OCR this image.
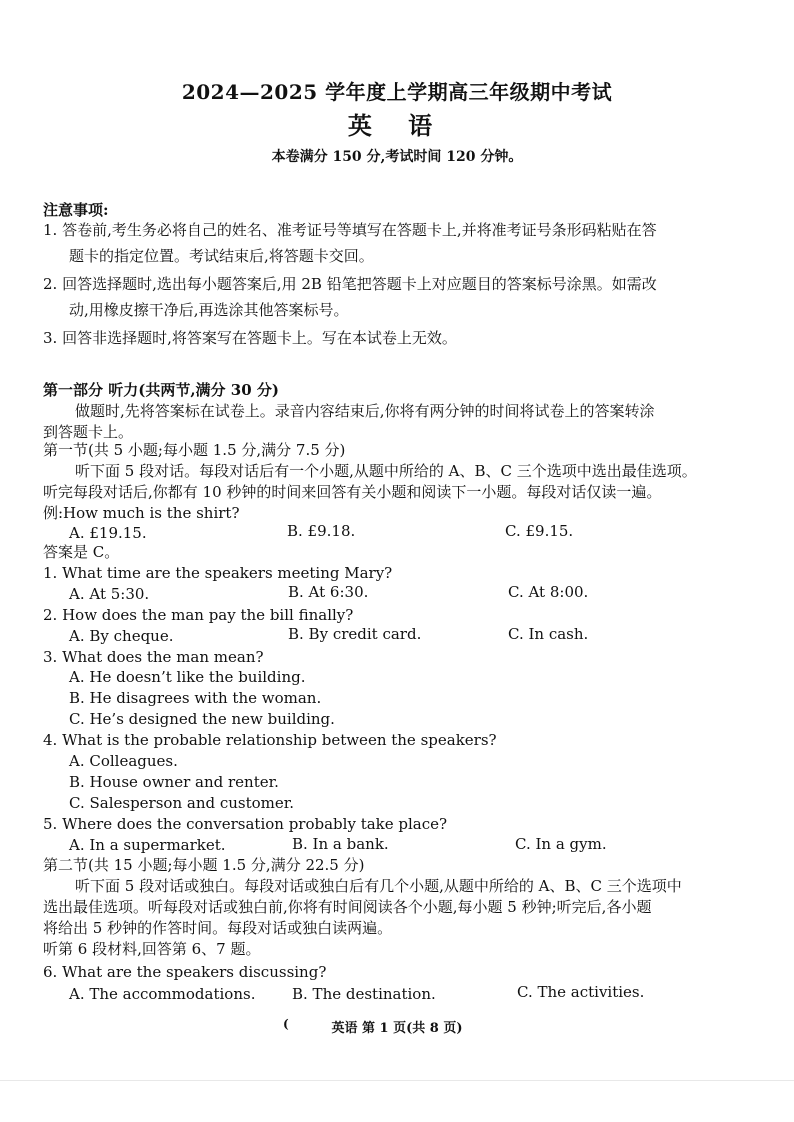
2024—2025 学年度上学期高三年级期中考试
英 语
本卷满分 150 分,考试时间 120 分钟。
注意事项:
1. 答卷前,考生务必将自己的姓名、准考证号等填写在答题卡上,并将准考证号条形码粘贴在答
题卡的指定位置。考试结束后,将答题卡交回。
2. 回答选择题时,选出每小题答案后,用 2B 铅笔把答题卡上对应题目的答案标号涂黑。如需改
动,用橡皮擦干净后,再选涂其他答案标号。
3. 回答非选择题时,将答案写在答题卡上。写在本试卷上无效。
第一部分 听力(共两节,满分 30 分)
做题时,先将答案标在试卷上。录音内容结束后,你将有两分钟的时间将试卷上的答案转涂
到答题卡上。
第一节(共 5 小题;每小题 1.5 分,满分 7.5 分)
听下面 5 段对话。每段对话后有一个小题,从题中所给的 A、B、C 三个选项中选出最佳选项。
听完每段对话后,你都有 10 秒钟的时间来回答有关小题和阅读下一小题。每段对话仅读一遍。
例:How much is the shirt?
A. £19.15.	B. £9.18.	C. £9.15.
答案是 C。
1. What time are the speakers meeting Mary?
A. At 5:30.	B. At 6:30.	C. At 8:00.
2. How does the man pay the bill finally?
A. By cheque.	B. By credit card.	C. In cash.
3. What does the man mean?
A. He doesn’t like the building.
B. He disagrees with the woman.
C. He’s designed the new building.
4. What is the probable relationship between the speakers?
A. Colleagues.
B. House owner and renter.
C. Salesperson and customer.
5. Where does the conversation probably take place?
A. In a supermarket.	B. In a bank.	C. In a gym.
第二节(共 15 小题;每小题 1.5 分,满分 22.5 分)
听下面 5 段对话或独白。每段对话或独白后有几个小题,从题中所给的 A、B、C 三个选项中
选出最佳选项。听每段对话或独白前,你将有时间阅读各个小题,每小题 5 秒钟;听完后,各小题
将给出 5 秒钟的作答时间。每段对话或独白读两遍。
听第 6 段材料,回答第 6、7 题。
6. What are the speakers discussing?
A. The accommodations. B. The destination.	C. The activities.
(	英语 第 1 页(共 8 页)
